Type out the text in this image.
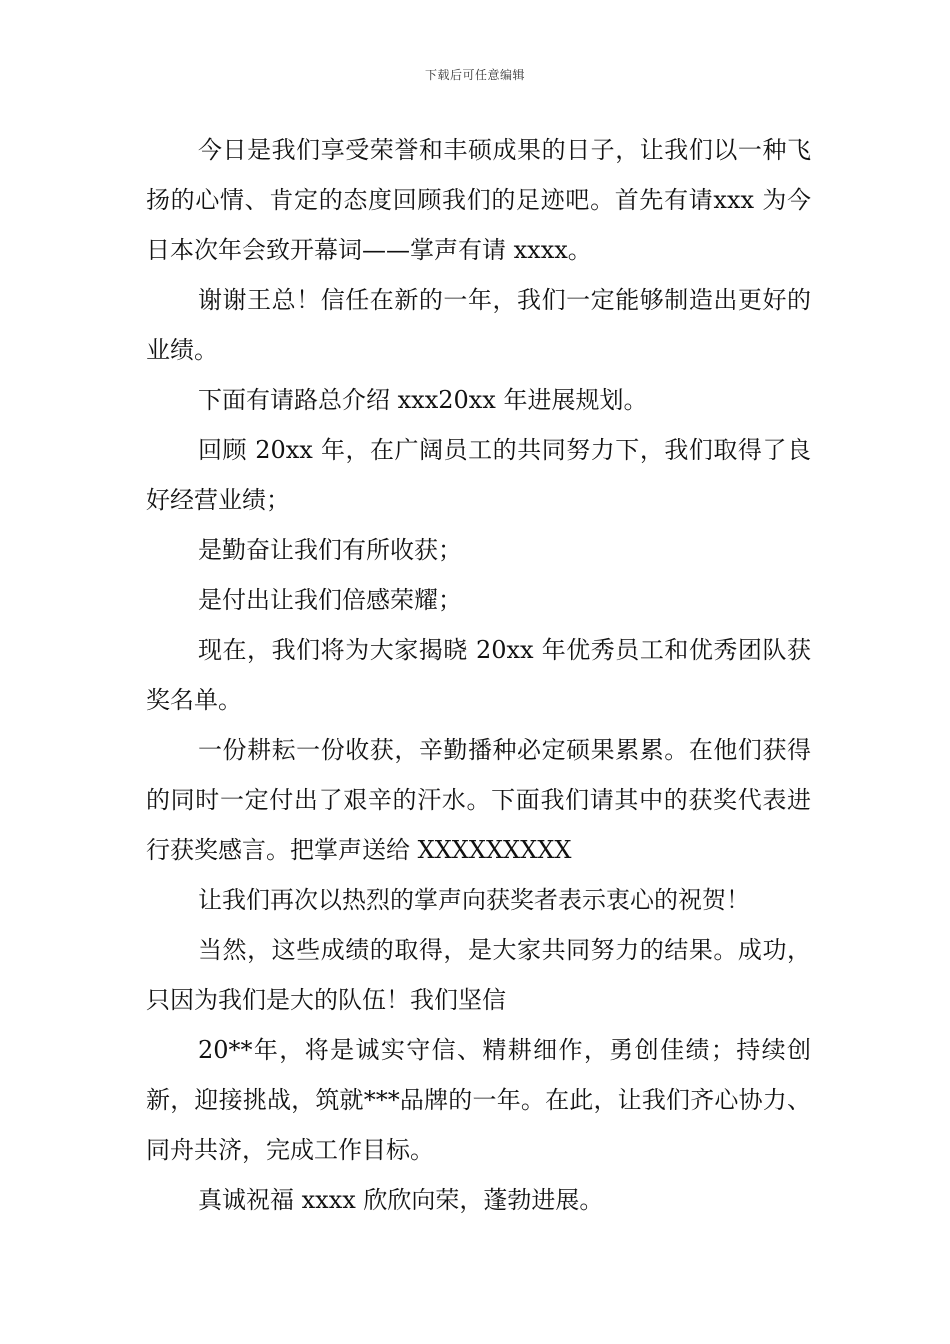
下载后可任意编辑

今日是我们享受荣誉和丰硕成果的日子，让我们以一种飞扬的心情、肯定的态度回顾我们的足迹吧。首先有请xxx 为今日本次年会致开幕词——掌声有请 xxxx。

谢谢王总！信任在新的一年，我们一定能够制造出更好的业绩。

下面有请路总介绍 xxx20xx 年进展规划。

回顾 20xx 年，在广阔员工的共同努力下，我们取得了良好经营业绩；

是勤奋让我们有所收获；

是付出让我们倍感荣耀；

现在，我们将为大家揭晓 20xx 年优秀员工和优秀团队获奖名单。

一份耕耘一份收获，辛勤播种必定硕果累累。在他们获得的同时一定付出了艰辛的汗水。下面我们请其中的获奖代表进行获奖感言。把掌声送给 XXXXXXXXX

让我们再次以热烈的掌声向获奖者表示衷心的祝贺！

当然，这些成绩的取得，是大家共同努力的结果。成功，只因为我们是大的队伍！我们坚信

20**年，将是诚实守信、精耕细作，勇创佳绩；持续创新，迎接挑战，筑就***品牌的一年。在此，让我们齐心协力、同舟共济，完成工作目标。

真诚祝福 xxxx 欣欣向荣，蓬勃进展。
